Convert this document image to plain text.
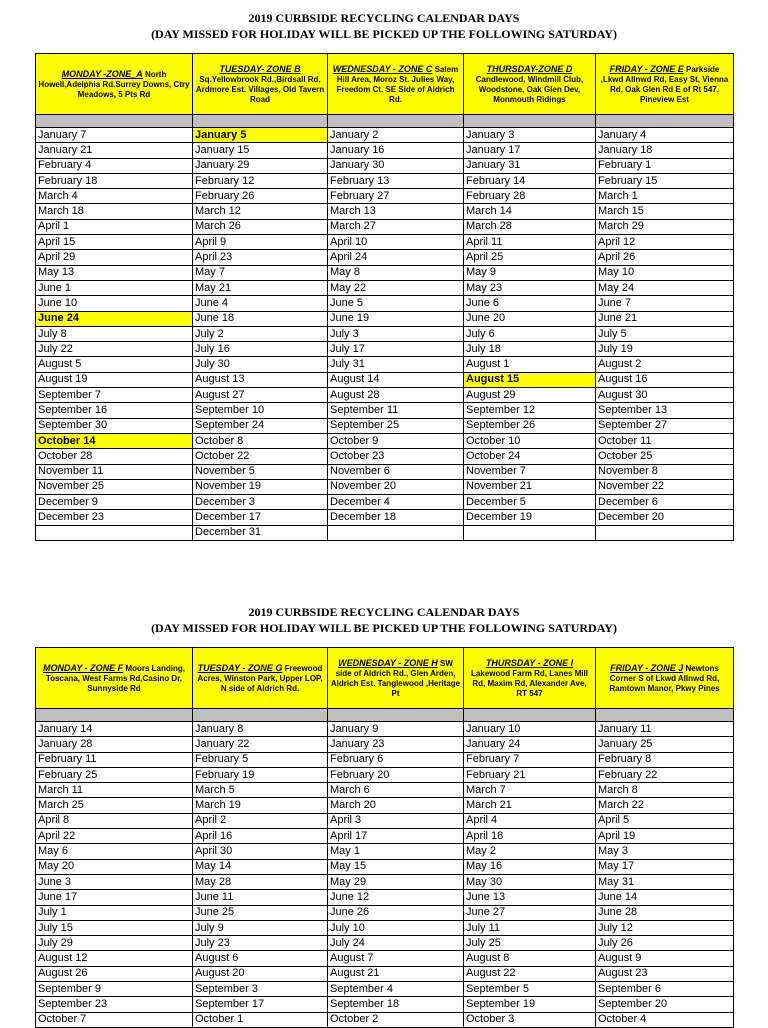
2019 CURBSIDE RECYCLING CALENDAR DAYS
(DAY MISSED FOR HOLIDAY WILL BE PICKED UP THE FOLLOWING SATURDAY)
MONDAY -ZONE_A North Howell,Adelphia Rd.Surrey Downs, Ctry Meadows, 5 Pts Rd	TUESDAY- ZONE B Sq.Yellowbrook Rd.,Birdsall Rd, Ardmore Est. Villages, Old Tavern Road	WEDNESDAY - ZONE C Salem Hill Area, Moroz St. Julies Way, Freedom Ct. SE Side of Aldrich Rd.	THURSDAY-ZONE D Candlewood, Windmill Club, Woodstone, Oak Glen Dev, Monmouth Ridings	FRIDAY - ZONE E Parkside ,Lkwd Allnwd Rd, Easy St, Vienna Rd, Oak Glen Rd E of Rt 547, Pineview Est

January 7	January 5	January 2	January 3	January 4
January 21	January 15	January 16	January 17	January 18
February 4	January 29	January 30	January 31	February 1
February 18	February 12	February 13	February 14	February 15
March 4	February 26	February 27	February 28	March 1
March 18	March 12	March 13	March 14	March 15
April 1	March 26	March 27	March 28	March 29
April 15	April 9	April 10	April 11	April 12
April 29	April 23	April 24	April 25	April 26
May 13	May 7	May 8	May 9	May 10
June 1	May 21	May 22	May 23	May 24
June 10	June 4	June 5	June 6	June 7
June 24	June 18	June 19	June 20	June 21
July 8	July 2	July 3	July 6	July 5
July 22	July 16	July 17	July 18	July 19
August 5	July 30	July 31	August 1	August 2
August 19	August 13	August 14	August 15	August 16
September 7	August 27	August 28	August 29	August 30
September 16	September 10	September 11	September 12	September 13
September 30	September 24	September 25	September 26	September 27
October 14	October 8	October 9	October 10	October 11
October 28	October 22	October 23	October 24	October 25
November 11	November 5	November 6	November 7	November 8
November 25	November 19	November 20	November 21	November 22
December 9	December 3	December 4	December 5	December 6
December 23	December 17	December 18	December 19	December 20
	December 31			
2019 CURBSIDE RECYCLING CALENDAR DAYS
(DAY MISSED FOR HOLIDAY WILL BE PICKED UP THE FOLLOWING SATURDAY)
MONDAY - ZONE F Moors Landing, Toscana, West Farms Rd,Casino Dr. Sunnyside Rd	TUESDAY - ZONE G Freewood Acres, Winston Park, Upper LOP, N side of Aldrich Rd.	WEDNESDAY - ZONE H SW side of Aldrich Rd., Glen Arden, Aldrich Est. Tanglewood ,Heritage Pt	THURSDAY - ZONE I Lakewood Farm Rd, Lanes Mill Rd, Maxim Rd, Alexander Ave, RT 547	FRIDAY - ZONE J Newtons Corner S of Lkwd Allnwd Rd, Ramtown Manor, Pkwy Pines

January 14	January 8	January 9	January 10	January 11
January 28	January 22	January 23	January 24	January 25
February 11	February 5	February 6	February 7	February 8
February 25	February 19	February 20	February 21	February 22
March 11	March 5	March 6	March 7	March 8
March 25	March 19	March 20	March 21	March 22
April 8	April 2	April 3	April 4	April 5
April 22	April 16	April 17	April 18	April 19
May 6	April 30	May 1	May 2	May 3
May 20	May 14	May 15	May 16	May 17
June 3	May 28	May 29	May 30	May 31
June 17	June 11	June 12	June 13	June 14
July 1	June 25	June 26	June 27	June 28
July 15	July 9	July 10	July 11	July 12
July 29	July 23	July 24	July 25	July 26
August 12	August 6	August 7	August 8	August 9
August 26	August 20	August 21	August 22	August 23
September 9	September 3	September 4	September 5	September 6
September 23	September 17	September 18	September 19	September 20
October 7	October 1	October 2	October 3	October 4
